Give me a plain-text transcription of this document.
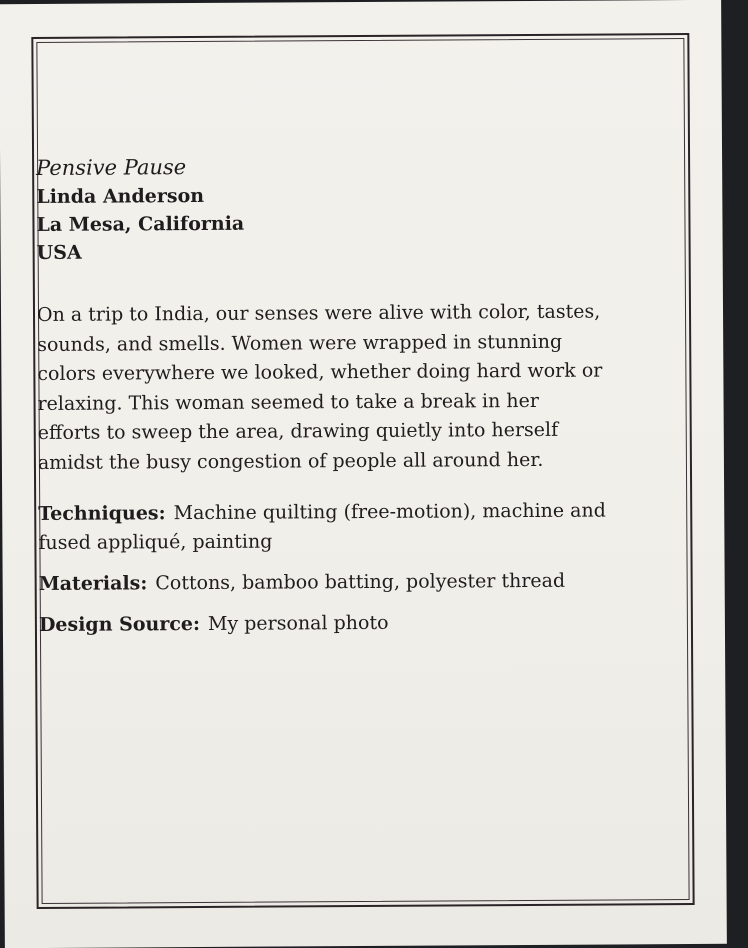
Pensive Pause

Linda Anderson

La Mesa, California

USA

On a trip to India, our senses were alive with color, tastes, sounds, and smells. Women were wrapped in stunning colors everywhere we looked, whether doing hard work or relaxing. This woman seemed to take a break in her efforts to sweep the area, drawing quietly into herself amidst the busy congestion of people all around her.

Techniques: Machine quilting (free-motion), machine and fused appliqué, painting

Materials: Cottons, bamboo batting, polyester thread

Design Source: My personal photo
